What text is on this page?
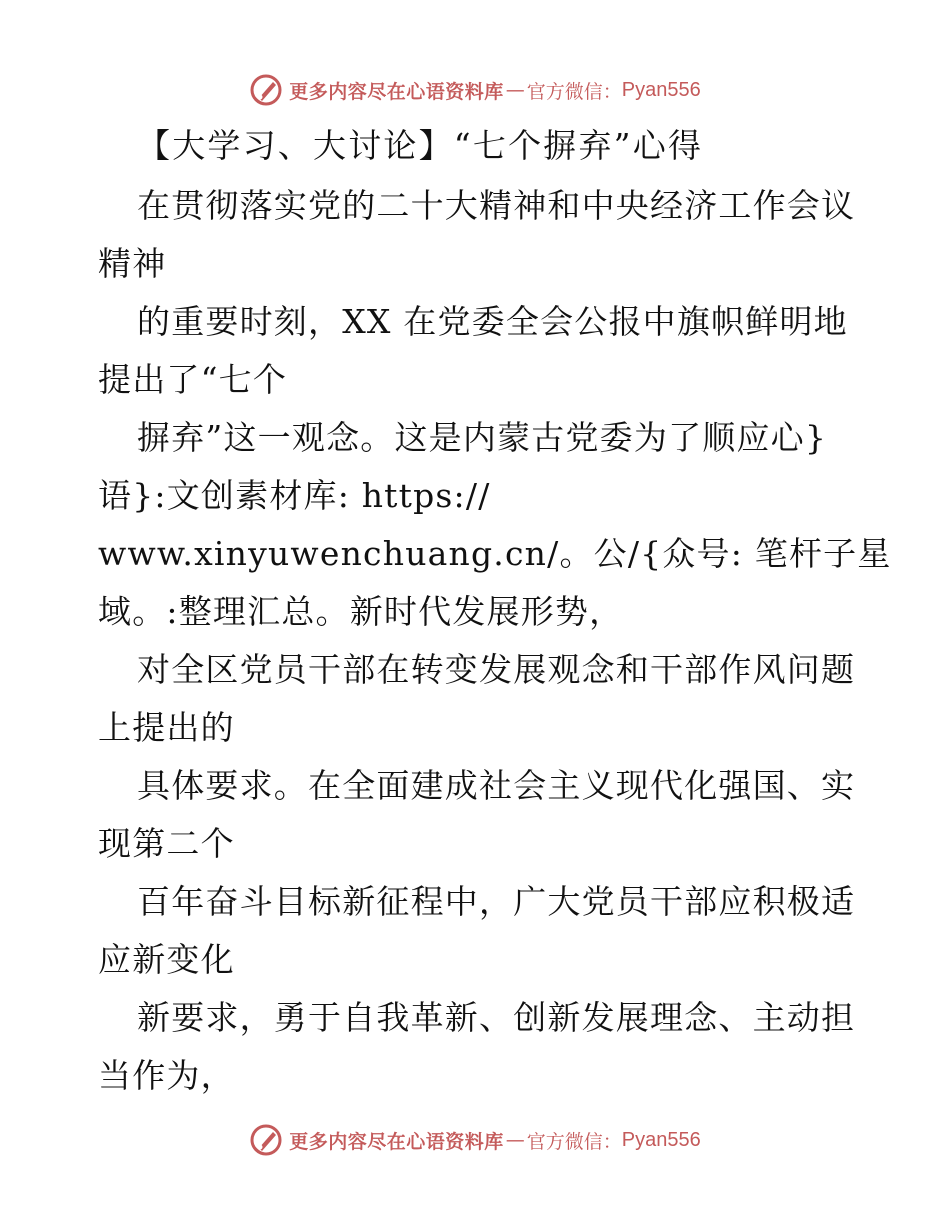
更多内容尽在心语资料库 — 官方微信： Pyan556
【大学习、大讨论】“七个摒弃”心得
在贯彻落实党的二十大精神和中央经济工作会议
精神
的重要时刻，XX 在党委全会公报中旗帜鲜明地
提出了“七个
摒弃”这一观念。这是内蒙古党委为了顺应心}
语}:文创素材库: https://
www.xinyuwenchuang.cn/。公/{众号: 笔杆子星
域。:整理汇总。新时代发展形势，
对全区党员干部在转变发展观念和干部作风问题
上提出的
具体要求。在全面建成社会主义现代化强国、实
现第二个
百年奋斗目标新征程中，广大党员干部应积极适
应新变化
新要求，勇于自我革新、创新发展理念、主动担
当作为，
更多内容尽在心语资料库 — 官方微信： Pyan556
